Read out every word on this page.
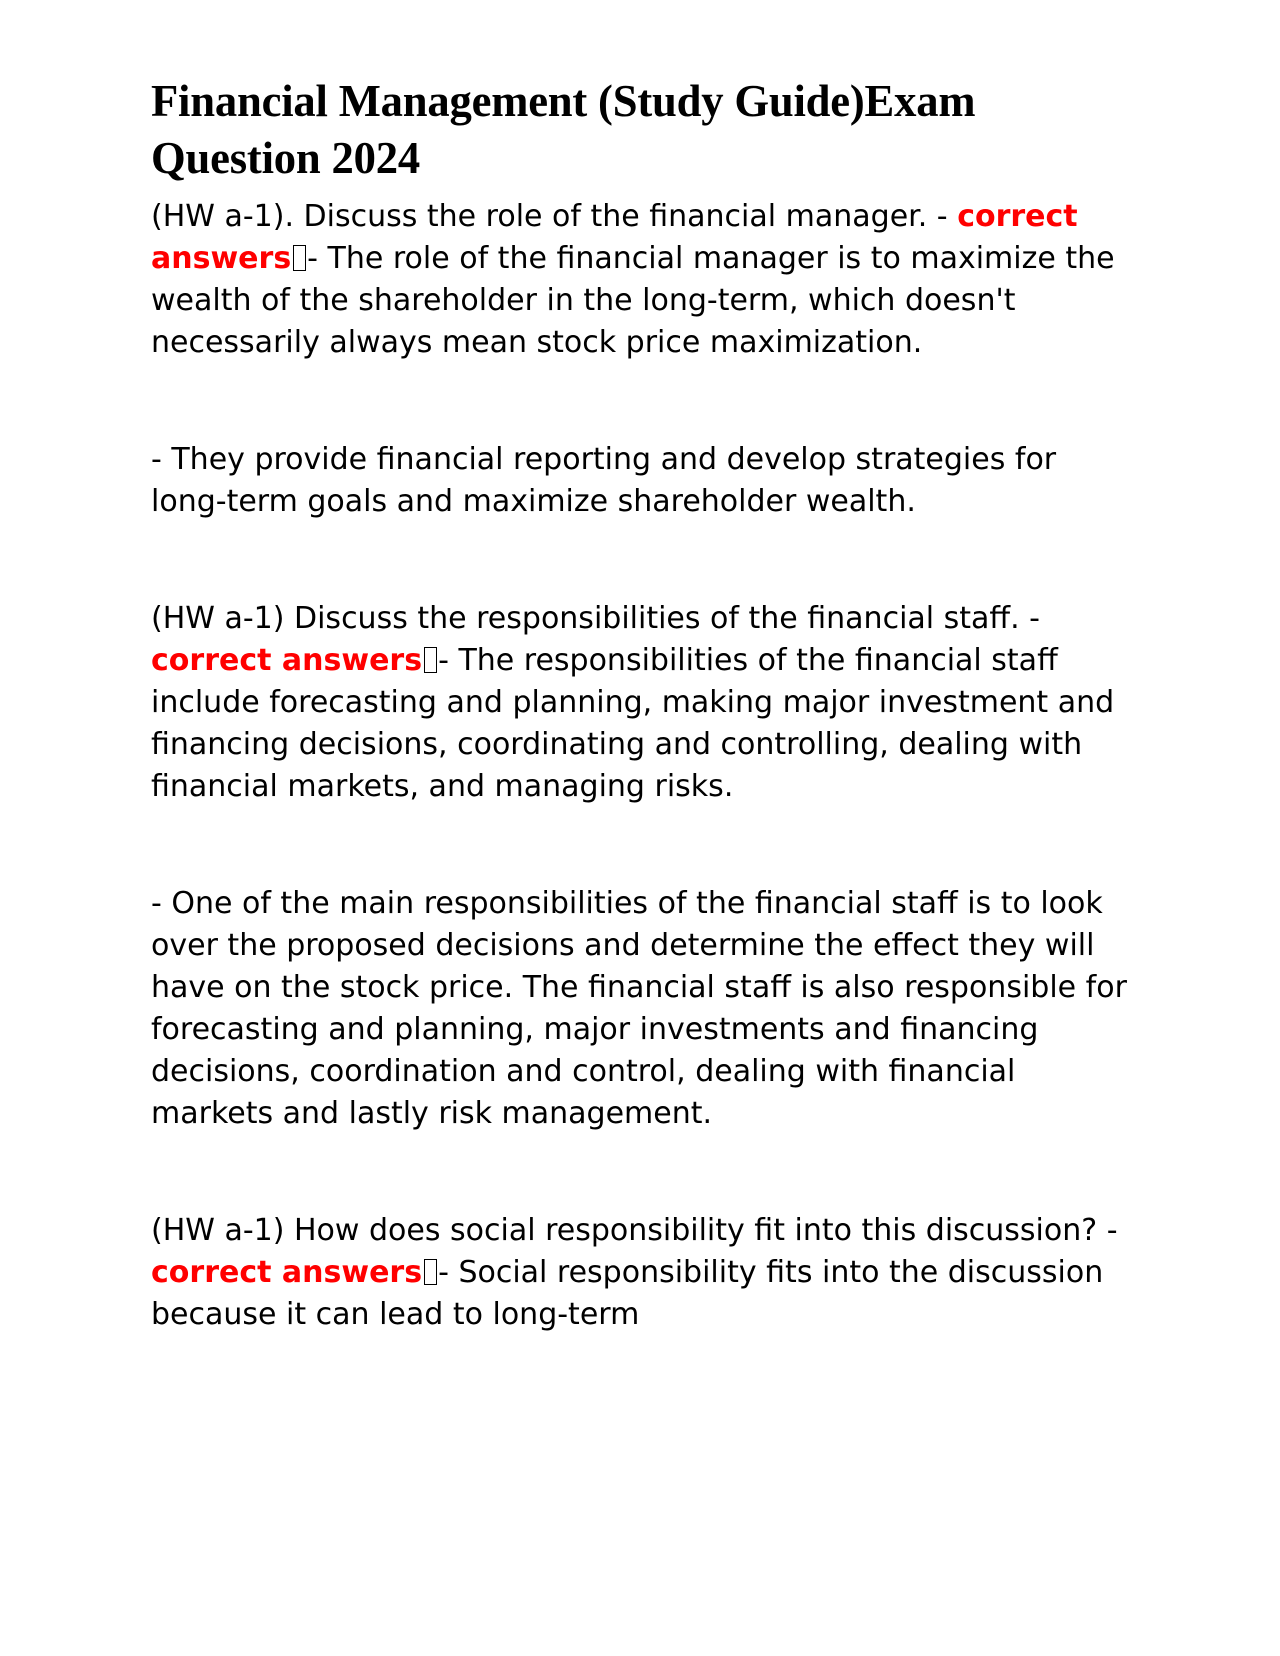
Financial Management (Study Guide)Exam Question 2024

(HW a-1). Discuss the role of the financial manager. - correct answers - The role of the financial manager is to maximize the wealth of the shareholder in the long-term, which doesn't necessarily always mean stock price maximization.

- They provide financial reporting and develop strategies for long-term goals and maximize shareholder wealth.

(HW a-1) Discuss the responsibilities of the financial staff. - correct answers - The responsibilities of the financial staff include forecasting and planning, making major investment and financing decisions, coordinating and controlling, dealing with financial markets, and managing risks.

- One of the main responsibilities of the financial staff is to look over the proposed decisions and determine the effect they will have on the stock price. The financial staff is also responsible for forecasting and planning, major investments and financing decisions, coordination and control, dealing with financial markets and lastly risk management.

(HW a-1) How does social responsibility fit into this discussion? - correct answers - Social responsibility fits into the discussion because it can lead to long-term
